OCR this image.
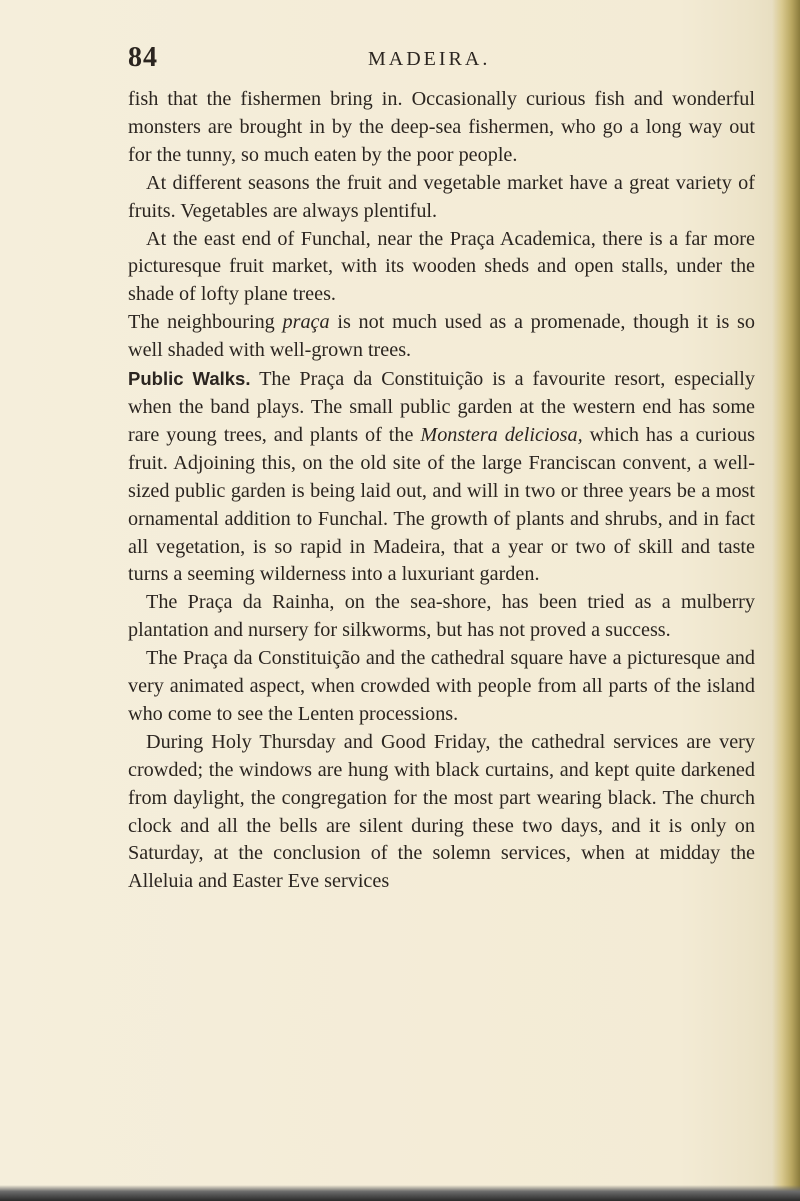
84	MADEIRA.

fish that the fishermen bring in. Occasionally curious fish and wonderful monsters are brought in by the deep-sea fishermen, who go a long way out for the tunny, so much eaten by the poor people.

At different seasons the fruit and vegetable market have a great variety of fruits. Vegetables are always plentiful.

At the east end of Funchal, near the Praça Academica, there is a far more picturesque fruit market, with its wooden sheds and open stalls, under the shade of lofty plane trees.

The neighbouring praça is not much used as a promenade, though it is so well shaded with well-grown trees.

Public Walks. The Praça da Constituição is a favourite resort, especially when the band plays. The small public garden at the western end has some rare young trees, and plants of the Monstera deliciosa, which has a curious fruit. Adjoining this, on the old site of the large Franciscan convent, a well-sized public garden is being laid out, and will in two or three years be a most ornamental addition to Funchal. The growth of plants and shrubs, and in fact all vegetation, is so rapid in Madeira, that a year or two of skill and taste turns a seeming wilderness into a luxuriant garden.

The Praça da Rainha, on the sea-shore, has been tried as a mulberry plantation and nursery for silkworms, but has not proved a success.

The Praça da Constituição and the cathedral square have a picturesque and very animated aspect, when crowded with people from all parts of the island who come to see the Lenten processions.

During Holy Thursday and Good Friday, the cathedral services are very crowded; the windows are hung with black curtains, and kept quite darkened from daylight, the congregation for the most part wearing black. The church clock and all the bells are silent during these two days, and it is only on Saturday, at the conclusion of the solemn services, when at midday the Alleluia and Easter Eve services
